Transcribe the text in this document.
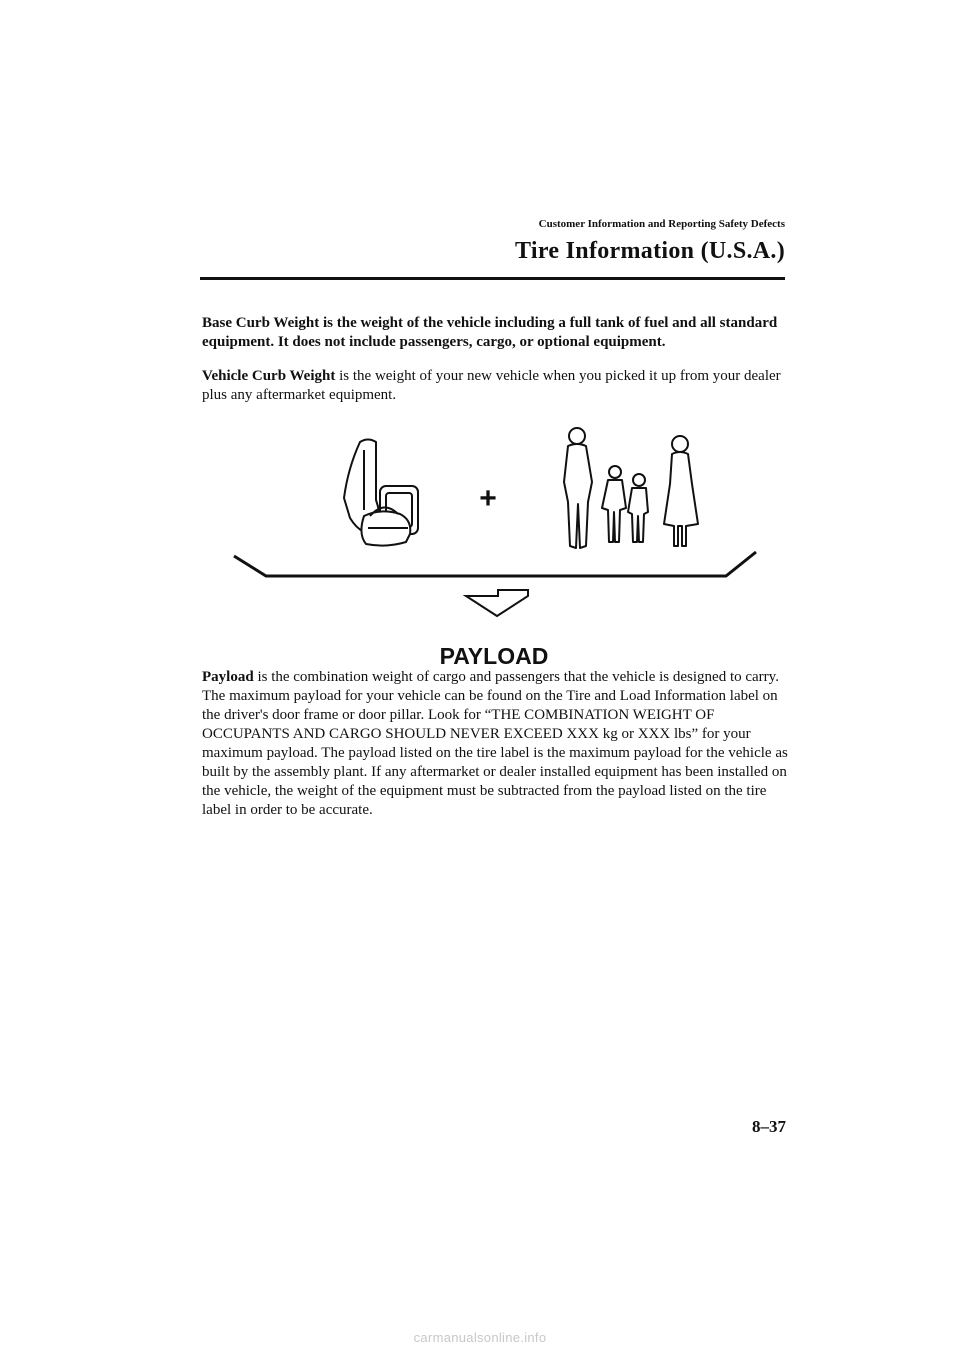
Customer Information and Reporting Safety Defects
Tire Information (U.S.A.)

Base Curb Weight is the weight of the vehicle including a full tank of fuel and all standard equipment. It does not include passengers, cargo, or optional equipment.

Vehicle Curb Weight is the weight of your new vehicle when you picked it up from your dealer plus any aftermarket equipment.

+
PAYLOAD

Payload is the combination weight of cargo and passengers that the vehicle is designed to carry. The maximum payload for your vehicle can be found on the Tire and Load Information label on the driver's door frame or door pillar. Look for “THE COMBINATION WEIGHT OF OCCUPANTS AND CARGO SHOULD NEVER EXCEED XXX kg or XXX lbs” for your maximum payload. The payload listed on the tire label is the maximum payload for the vehicle as built by the assembly plant. If any aftermarket or dealer installed equipment has been installed on the vehicle, the weight of the equipment must be subtracted from the payload listed on the tire label in order to be accurate.

8–37
carmanualsonline.info
